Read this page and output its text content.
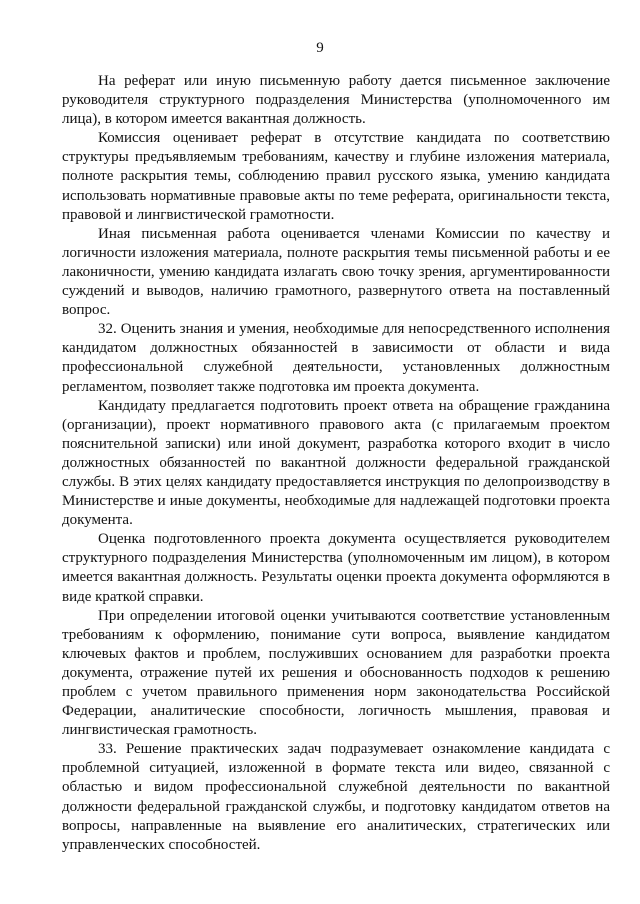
9

На реферат или иную письменную работу дается письменное заключение руководителя структурного подразделения Министерства (уполномоченного им лица), в котором имеется вакантная должность.

Комиссия оценивает реферат в отсутствие кандидата по соответствию структуры предъявляемым требованиям, качеству и глубине изложения материала, полноте раскрытия темы, соблюдению правил русского языка, умению кандидата использовать нормативные правовые акты по теме реферата, оригинальности текста, правовой и лингвистической грамотности.

Иная письменная работа оценивается членами Комиссии по качеству и логичности изложения материала, полноте раскрытия темы письменной работы и ее лаконичности, умению кандидата излагать свою точку зрения, аргументированности суждений и выводов, наличию грамотного, развернутого ответа на поставленный вопрос.

32. Оценить знания и умения, необходимые для непосредственного исполнения кандидатом должностных обязанностей в зависимости от области и вида профессиональной служебной деятельности, установленных должностным регламентом, позволяет также подготовка им проекта документа.

Кандидату предлагается подготовить проект ответа на обращение гражданина (организации), проект нормативного правового акта (с прилагаемым проектом пояснительной записки) или иной документ, разработка которого входит в число должностных обязанностей по вакантной должности федеральной гражданской службы. В этих целях кандидату предоставляется инструкция по делопроизводству в Министерстве и иные документы, необходимые для надлежащей подготовки проекта документа.

Оценка подготовленного проекта документа осуществляется руководителем структурного подразделения Министерства (уполномоченным им лицом), в котором имеется вакантная должность. Результаты оценки проекта документа оформляются в виде краткой справки.

При определении итоговой оценки учитываются соответствие установленным требованиям к оформлению, понимание сути вопроса, выявление кандидатом ключевых фактов и проблем, послуживших основанием для разработки проекта документа, отражение путей их решения и обоснованность подходов к решению проблем с учетом правильного применения норм законодательства Российской Федерации, аналитические способности, логичность мышления, правовая и лингвистическая грамотность.

33. Решение практических задач подразумевает ознакомление кандидата с проблемной ситуацией, изложенной в формате текста или видео, связанной с областью и видом профессиональной служебной деятельности по вакантной должности федеральной гражданской службы, и подготовку кандидатом ответов на вопросы, направленные на выявление его аналитических, стратегических или управленческих способностей.
